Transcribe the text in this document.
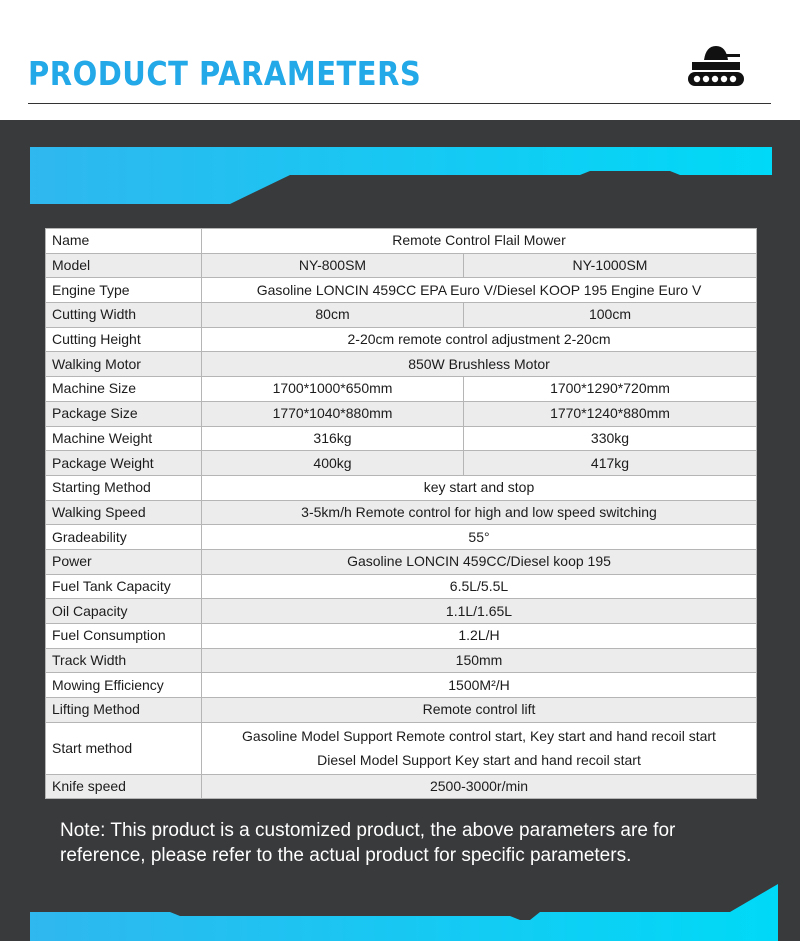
PRODUCT PARAMETERS
Name	Remote Control Flail Mower	
Model	NY-800SM	NY-1000SM
Engine Type	Gasoline LONCIN 459CC EPA Euro V/Diesel KOOP 195 Engine Euro V	
Cutting Width	80cm	100cm
Cutting Height	2-20cm remote control adjustment 2-20cm	
Walking Motor	850W Brushless Motor	
Machine Size	1700*1000*650mm	1700*1290*720mm
Package Size	1770*1040*880mm	1770*1240*880mm
Machine Weight	316kg	330kg
Package Weight	400kg	417kg
Starting Method	key start and stop	
Walking Speed	3-5km/h Remote control for high and low speed switching	
Gradeability	55°	
Power	Gasoline LONCIN 459CC/Diesel koop 195	
Fuel Tank Capacity	6.5L/5.5L	
Oil Capacity	1.1L/1.65L	
Fuel Consumption	1.2L/H	
Track Width	150mm	
Mowing Efficiency	1500M²/H	
Lifting Method	Remote control lift	
Start method	Gasoline Model Support Remote control start, Key start and hand recoil start
Diesel Model Support Key start and hand recoil start	

Knife speed	2500-3000r/min	
Note: This product is a customized product, the above parameters are for reference, please refer to the actual product for specific parameters.
